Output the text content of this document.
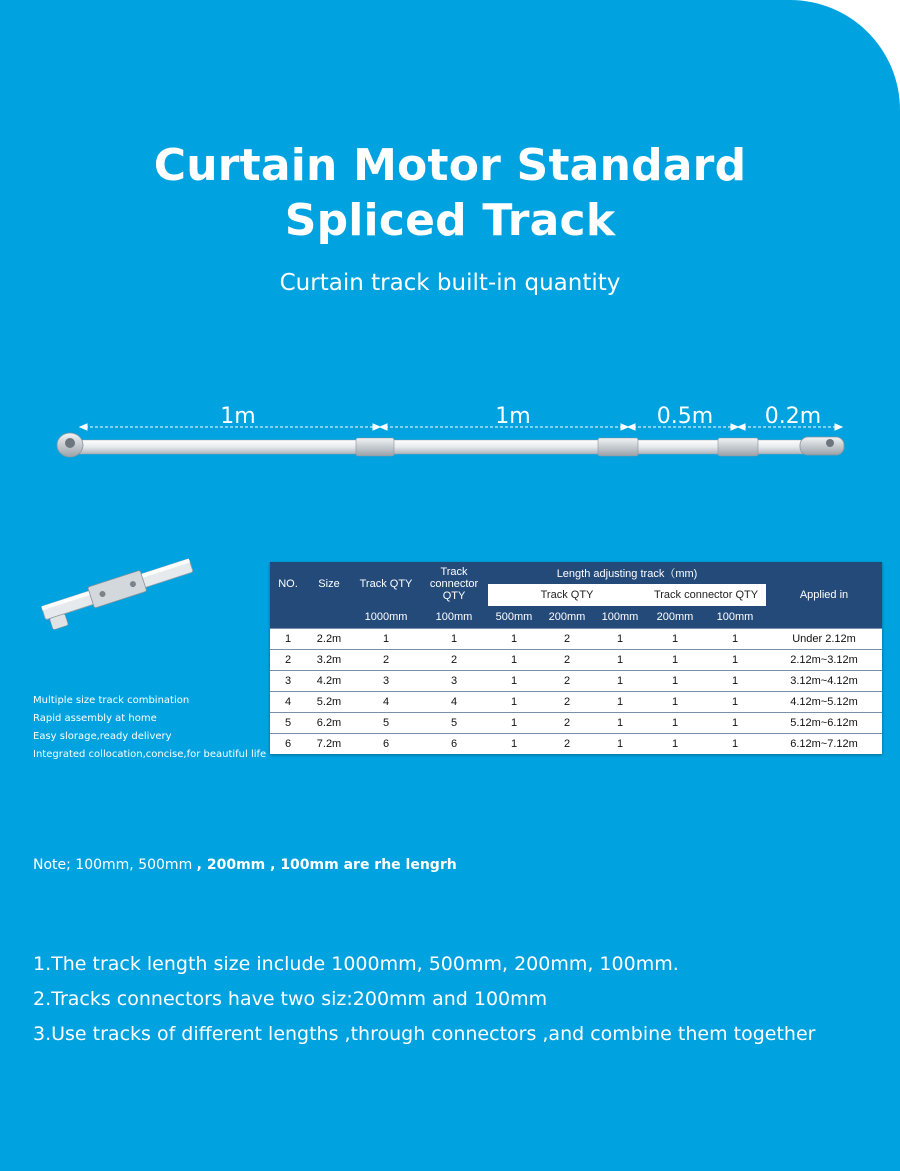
Curtain Motor Standard
Spliced Track
Curtain track built-in quantity
1m	1m	0.5m 0.2m
Multiple size track combination
Rapid assembly at home
Easy slorage,ready delivery
Integrated collocation,concise,for beautiful life
NO.	Size	Track QTY	Track connector QTY	Length adjusting track（mm)					Applied in
				Track QTY			Track connector QTY		
		1000mm	100mm	500mm	200mm	100mm	200mm	100mm	
1	2.2m	1	1	1	2	1	1	1	Under 2.12m
2	3.2m	2	2	1	2	1	1	1	2.12m~3.12m
3	4.2m	3	3	1	2	1	1	1	3.12m~4.12m
4	5.2m	4	4	1	2	1	1	1	4.12m~5.12m
5	6.2m	5	5	1	2	1	1	1	5.12m~6.12m
6	7.2m	6	6	1	2	1	1	1	6.12m~7.12m
Note; 100mm, 500mm , 200mm , 100mm are rhe lengrh
1.The track length size include 1000mm, 500mm, 200mm, 100mm.
2.Tracks connectors have two siz:200mm and 100mm
3.Use tracks of different lengths ,through connectors ,and combine them together
